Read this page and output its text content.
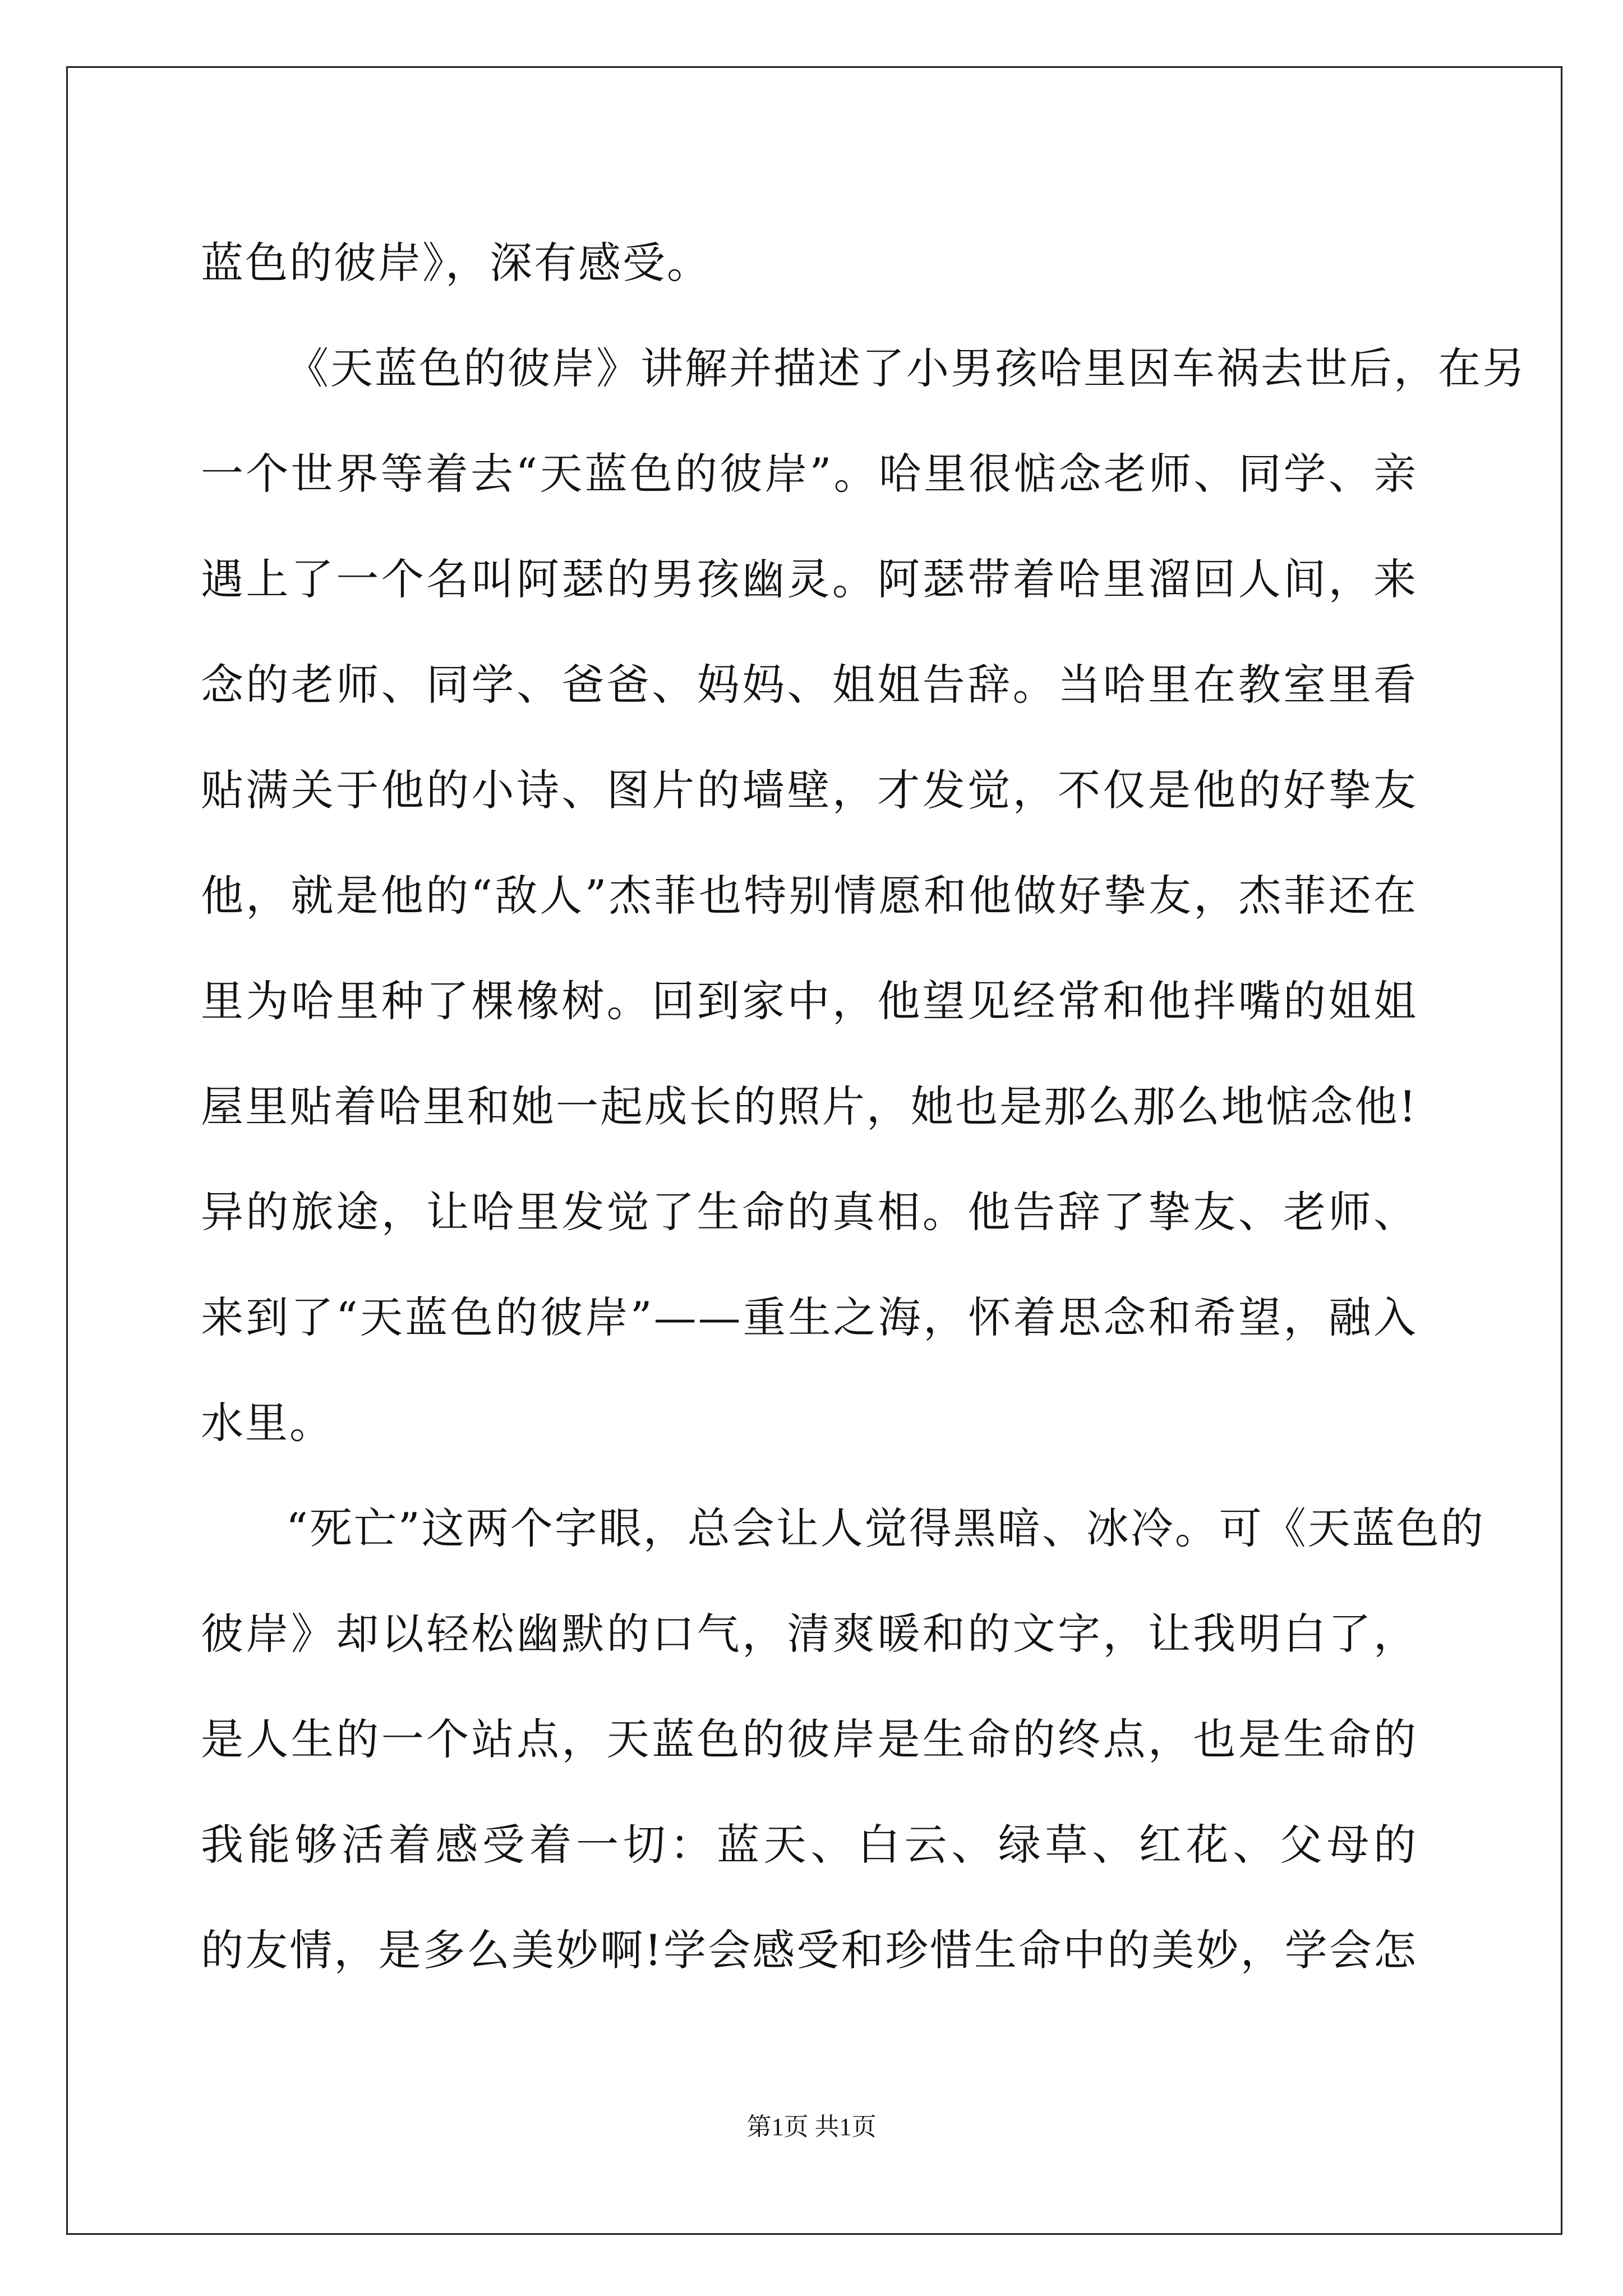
蓝色的彼岸》，深有感受。
《天蓝色的彼岸》讲解并描述了小男孩哈里因车祸去世后，在另
一个世界等着去“天蓝色的彼岸”。哈里很惦念老师、同学、亲
遇上了一个名叫阿瑟的男孩幽灵。阿瑟带着哈里溜回人间，来
念的老师、同学、爸爸、妈妈、姐姐告辞。当哈里在教室里看
贴满关于他的小诗、图片的墙壁，才发觉，不仅是他的好挚友
他，就是他的“敌人”杰菲也特别情愿和他做好挚友，杰菲还在
里为哈里种了棵橡树。回到家中，他望见经常和他拌嘴的姐姐
屋里贴着哈里和她一起成长的照片，她也是那么那么地惦念他!
异的旅途，让哈里发觉了生命的真相。他告辞了挚友、老师、
来到了“天蓝色的彼岸”——重生之海，怀着思念和希望，融入
水里。
“死亡”这两个字眼，总会让人觉得黑暗、冰冷。可《天蓝色的
彼岸》却以轻松幽默的口气，清爽暖和的文字，让我明白了，
是人生的一个站点，天蓝色的彼岸是生命的终点，也是生命的
我能够活着感受着一切：蓝天、白云、绿草、红花、父母的
的友情，是多么美妙啊!学会感受和珍惜生命中的美妙，学会怎
第1页 共1页
